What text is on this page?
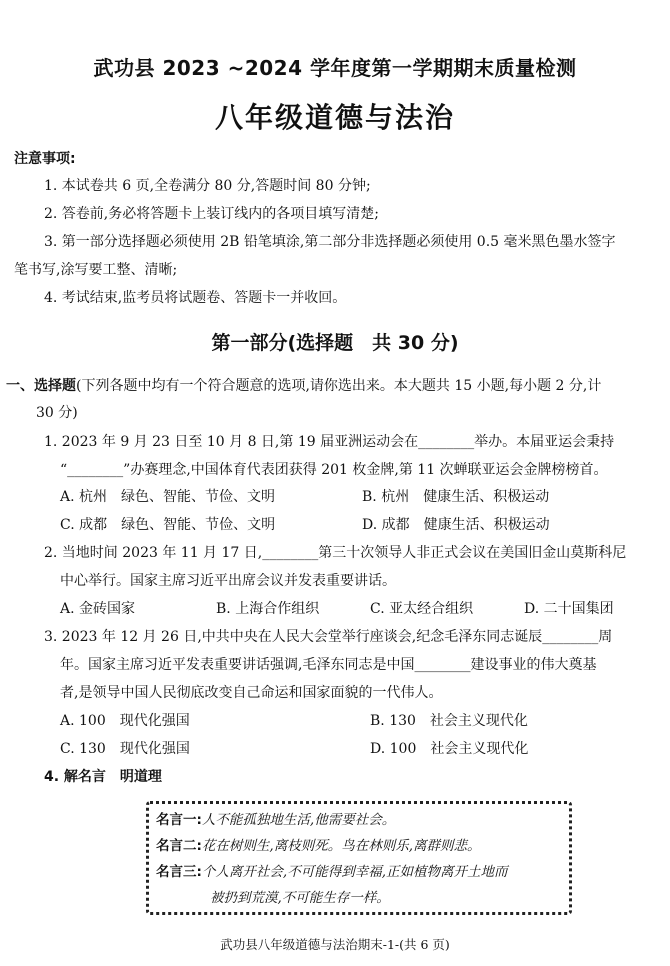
武功县 2023 ~2024 学年度第一学期期末质量检测
八年级道德与法治
注意事项:
1. 本试卷共 6 页,全卷满分 80 分,答题时间 80 分钟;
2. 答卷前,务必将答题卡上装订线内的各项目填写清楚;
3. 第一部分选择题必须使用 2B 铅笔填涂,第二部分非选择题必须使用 0.5 毫米黑色墨水签字
笔书写,涂写要工整、清晰;
4. 考试结束,监考员将试题卷、答题卡一并收回。
第一部分(选择题　共 30 分)
一、选择题(下列各题中均有一个符合题意的选项,请你选出来。本大题共 15 小题,每小题 2 分,计
30 分)
1. 2023 年 9 月 23 日至 10 月 8 日,第 19 届亚洲运动会在________举办。本届亚运会秉持
“________”办赛理念,中国体育代表团获得 201 枚金牌,第 11 次蝉联亚运会金牌榜榜首。
A. 杭州　绿色、智能、节俭、文明	B. 杭州　健康生活、积极运动
C. 成都　绿色、智能、节俭、文明	D. 成都　健康生活、积极运动
2. 当地时间 2023 年 11 月 17 日,________第三十次领导人非正式会议在美国旧金山莫斯科尼
中心举行。国家主席习近平出席会议并发表重要讲话。
A. 金砖国家	B. 上海合作组织	C. 亚太经合组织	D. 二十国集团
3. 2023 年 12 月 26 日,中共中央在人民大会堂举行座谈会,纪念毛泽东同志诞辰________周
年。国家主席习近平发表重要讲话强调,毛泽东同志是中国________建设事业的伟大奠基
者,是领导中国人民彻底改变自己命运和国家面貌的一代伟人。
A. 100　现代化强国	B. 130　社会主义现代化
C. 130　现代化强国	D. 100　社会主义现代化
4. 解名言　明道理
名言一:人不能孤独地生活,他需要社会。
名言二:花在树则生,离枝则死。鸟在林则乐,离群则悲。
名言三:个人离开社会,不可能得到幸福,正如植物离开土地而
被扔到荒漠,不可能生存一样。
武功县八年级道德与法治期末-1-(共 6 页)
